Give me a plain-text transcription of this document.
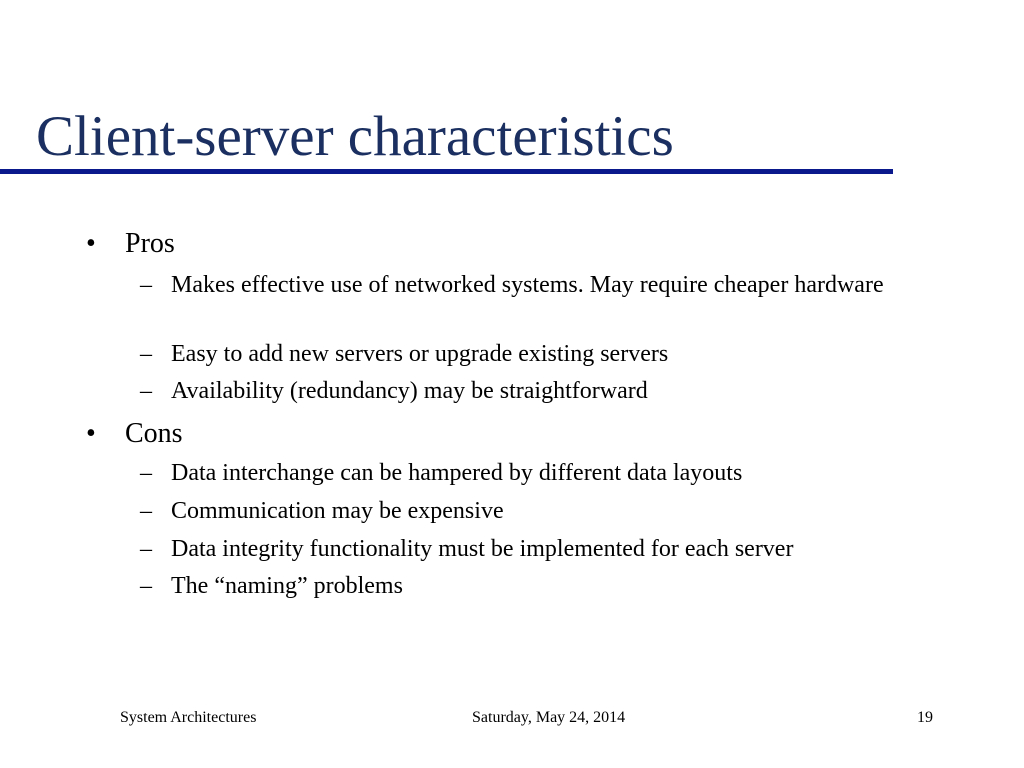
Client-server characteristics
• Pros
– Makes effective use of networked systems. May require cheaper hardware
– Easy to add new servers or upgrade existing servers
– Availability (redundancy) may be straightforward
• Cons
– Data interchange can be hampered by different data layouts
– Communication may be expensive
– Data integrity functionality must be implemented for each server
– The “naming” problems
System Architectures	Saturday, May 24, 2014	19
